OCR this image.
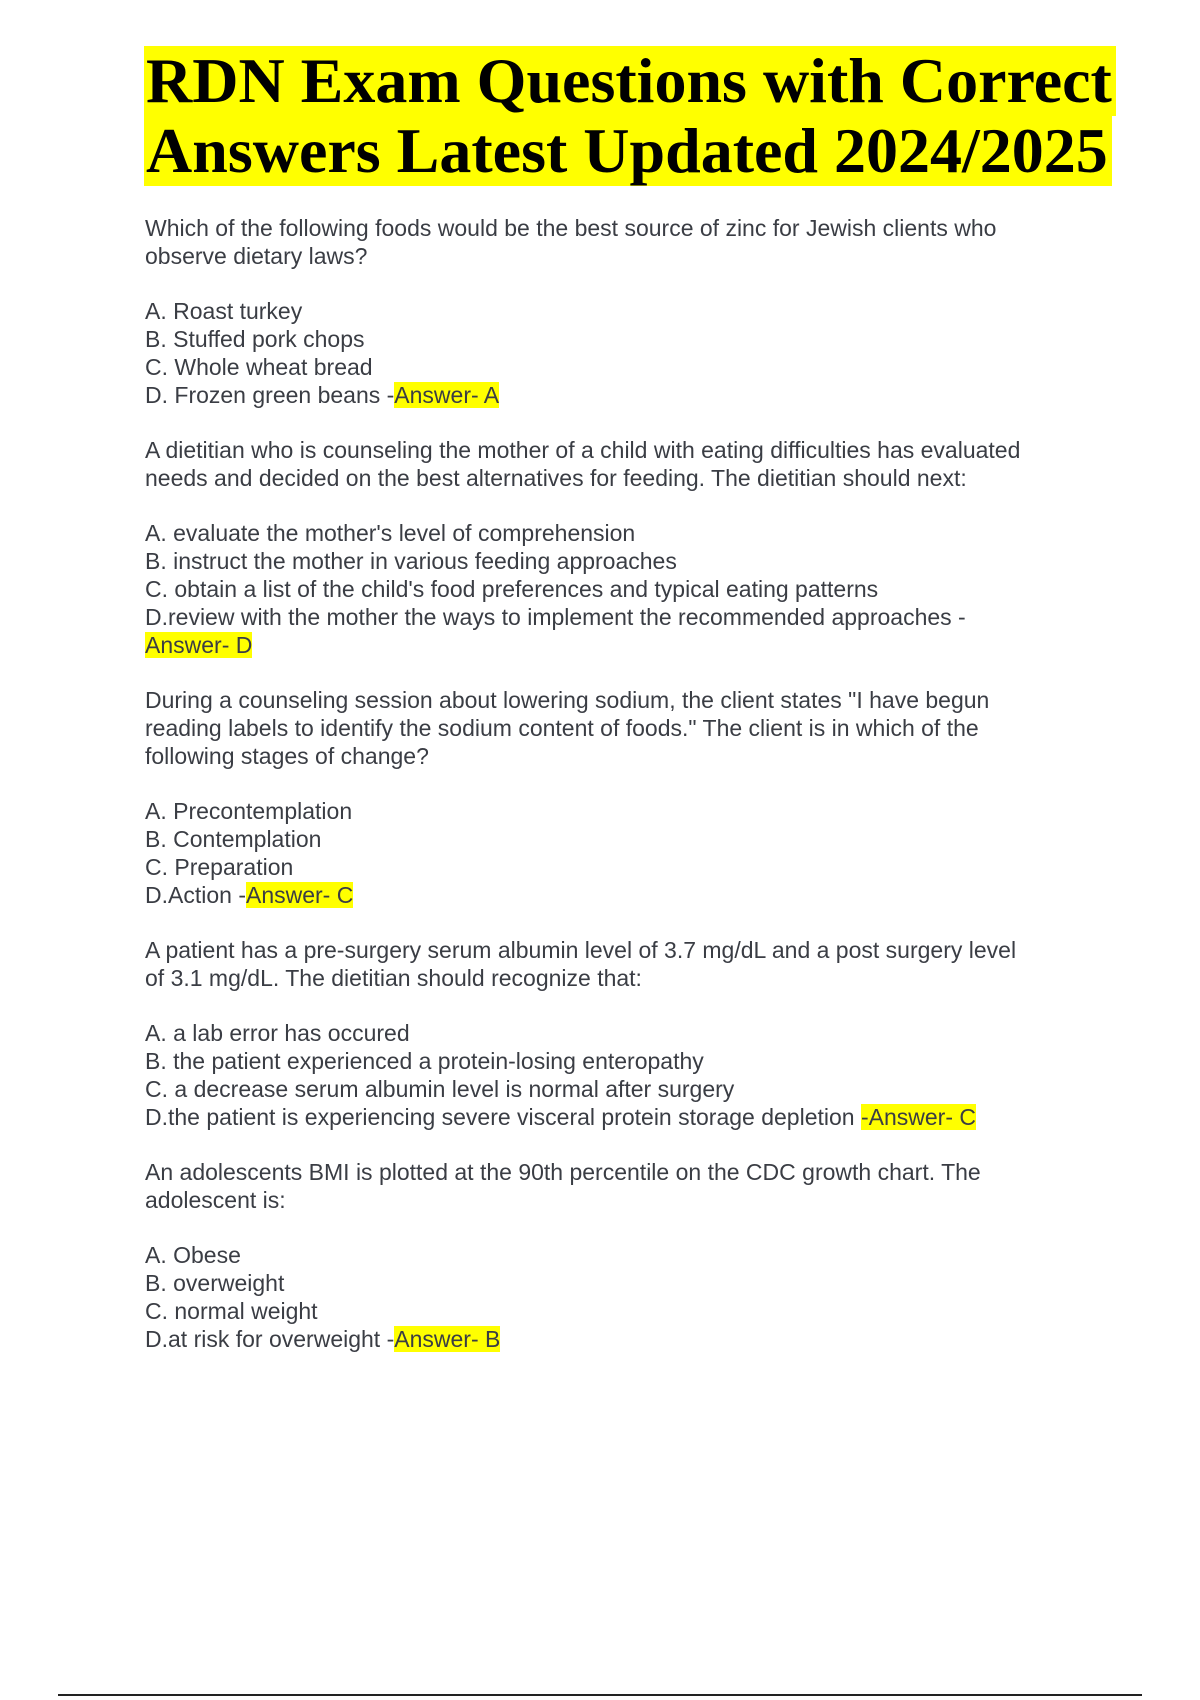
RDN Exam Questions with Correct
Answers Latest Updated 2024/2025
Which of the following foods would be the best source of zinc for Jewish clients who
observe dietary laws?
A. Roast turkey
B. Stuffed pork chops
C. Whole wheat bread
D. Frozen green beans -Answer- A
A dietitian who is counseling the mother of a child with eating difficulties has evaluated
needs and decided on the best alternatives for feeding. The dietitian should next:
A. evaluate the mother's level of comprehension
B. instruct the mother in various feeding approaches
C. obtain a list of the child's food preferences and typical eating patterns
D.review with the mother the ways to implement the recommended approaches -
Answer- D
During a counseling session about lowering sodium, the client states "I have begun
reading labels to identify the sodium content of foods." The client is in which of the
following stages of change?
A. Precontemplation
B. Contemplation
C. Preparation
D.Action -Answer- C
A patient has a pre-surgery serum albumin level of 3.7 mg/dL and a post surgery level
of 3.1 mg/dL. The dietitian should recognize that:
A. a lab error has occured
B. the patient experienced a protein-losing enteropathy
C. a decrease serum albumin level is normal after surgery
D.the patient is experiencing severe visceral protein storage depletion -Answer- C
An adolescents BMI is plotted at the 90th percentile on the CDC growth chart. The
adolescent is:
A. Obese
B. overweight
C. normal weight
D.at risk for overweight -Answer- B
